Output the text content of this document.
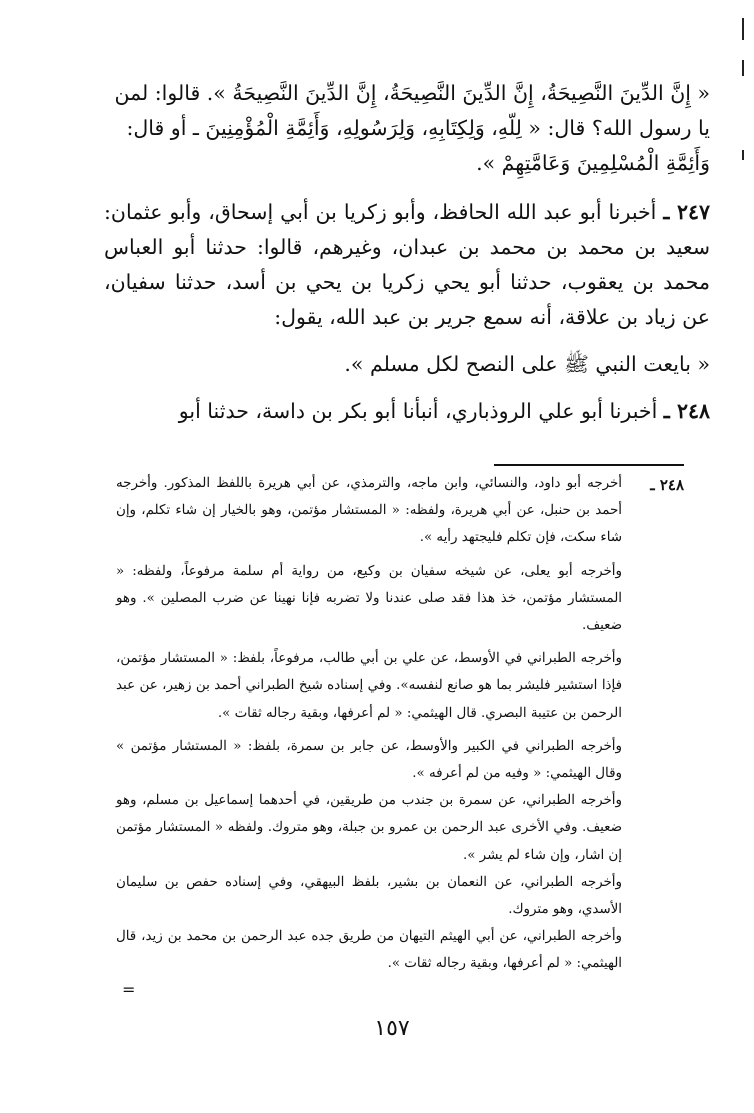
« إِنَّ الدِّينَ النَّصِيحَةُ، إِنَّ الدِّينَ النَّصِيحَةُ، إِنَّ الدِّينَ النَّصِيحَةُ ». قالوا: لمن

يا رسول الله؟ قال: « لِلّهِ، وَلِكِتَابِهِ، وَلِرَسُولِهِ، وَأَئِمَّةِ الْمُؤْمِنِينَ ـ أو قال:

وَأَئِمَّةِ الْمُسْلِمِينَ وَعَامَّتِهِمْ ».

٢٤٧ ـ أخبرنا أبو عبد الله الحافظ، وأبو زكريا بن أبي إسحاق، وأبو عثمان: سعيد بن محمد بن محمد بن عبدان، وغيرهم، قالوا: حدثنا أبو العباس محمد بن يعقوب، حدثنا أبو يحي زكريا بن يحي بن أسد، حدثنا سفيان، عن زياد بن علاقة، أنه سمع جرير بن عبد الله، يقول:

« بايعت النبي ﷺ على النصح لكل مسلم ».

٢٤٨ ـ أخبرنا أبو علي الروذباري، أنبأنا أبو بكر بن داسة، حدثنا أبو

٢٤٨ ـ

أخرجه أبو داود، والنسائي، وابن ماجه، والترمذي، عن أبي هريرة باللفظ المذكور. وأخرجه أحمد بن حنبل، عن أبي هريرة، ولفظه: « المستشار مؤتمن، وهو بالخيار إن شاء تكلم، وإن شاء سكت، فإن تكلم فليجتهد رأيه ».

وأخرجه أبو يعلى، عن شيخه سفيان بن وكيع، من رواية أم سلمة مرفوعاً، ولفظه: « المستشار مؤتمن، خذ هذا فقد صلى عندنا ولا تضربه فإنا نهينا عن ضرب المصلين ». وهو ضعيف.

وأخرجه الطبراني في الأوسط، عن علي بن أبي طالب، مرفوعاً، بلفظ: « المستشار مؤتمن، فإذا استشير فليشر بما هو صانع لنفسه». وفي إسناده شيخ الطبراني أحمد بن زهير، عن عبد الرحمن بن عتيبة البصري. قال الهيثمي: « لم أعرفها، وبقية رجاله ثقات ».

وأخرجه الطبراني في الكبير والأوسط، عن جابر بن سمرة، بلفظ: « المستشار مؤتمن » وقال الهيثمي: « وفيه من لم أعرفه ».

وأخرجه الطبراني، عن سمرة بن جندب من طريقين، في أحدهما إسماعيل بن مسلم، وهو ضعيف. وفي الأخرى عبد الرحمن بن عمرو بن جبلة، وهو متروك. ولفظه « المستشار مؤتمن إن اشار، وإن شاء لم يشر ».

وأخرجه الطبراني، عن النعمان بن بشير، بلفظ البيهقي، وفي إسناده حفص بن سليمان الأسدي، وهو متروك.

وأخرجه الطبراني، عن أبي الهيثم التيهان من طريق جده عبد الرحمن بن محمد بن زيد، قال الهيثمي: « لم أعرفها، وبقية رجاله ثقات ».

=
١٥٧
